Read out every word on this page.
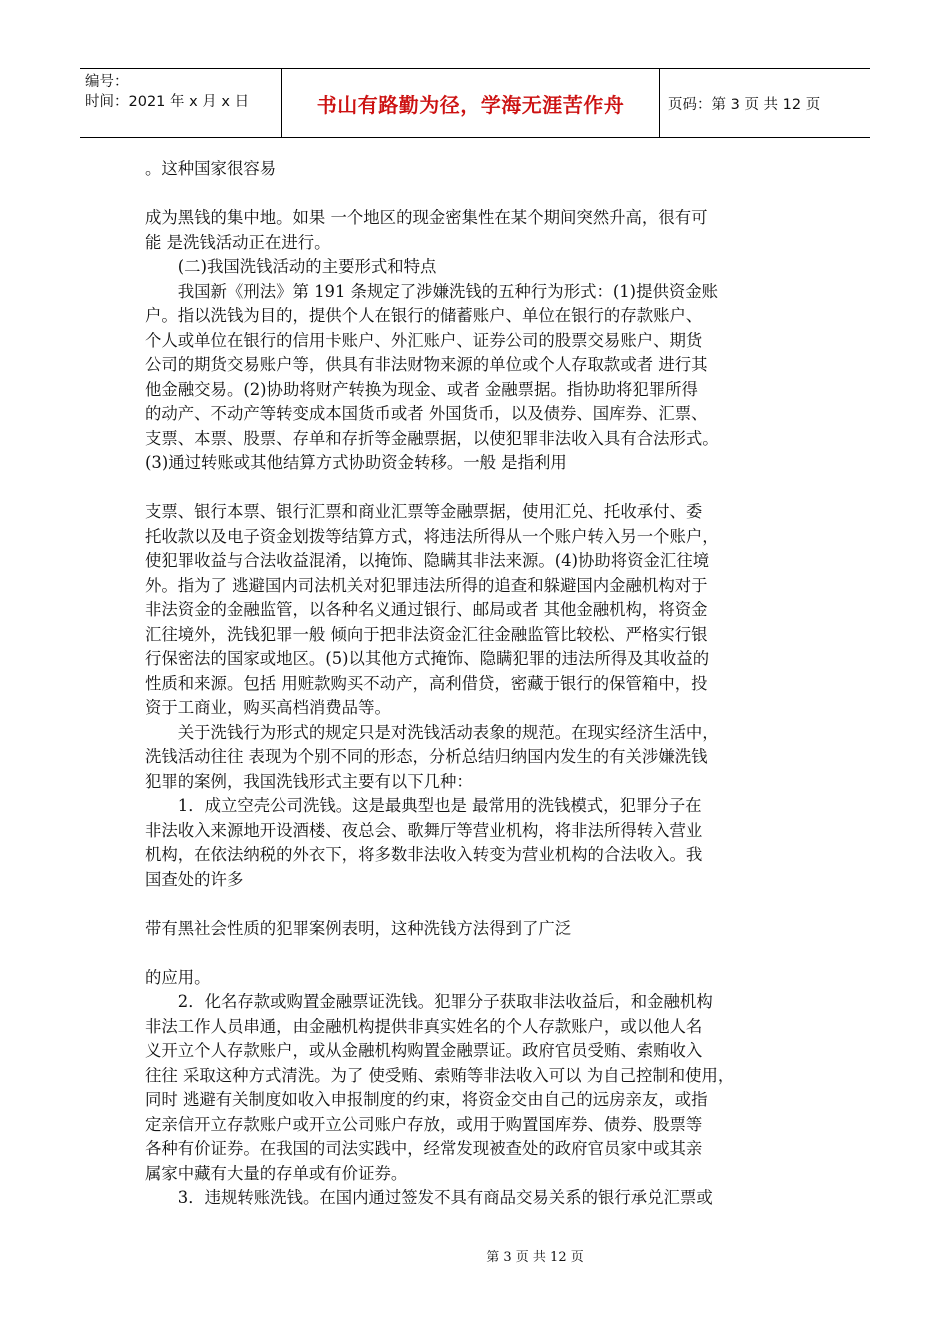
编号：
时间：2021 年 x 月 x 日	书山有路勤为径，学海无涯苦作舟	页码：第 3 页 共 12 页

。这种国家很容易

成为黑钱的集中地。如果 一个地区的现金密集性在某个期间突然升高，很有可

能 是洗钱活动正在进行。

　　(二)我国洗钱活动的主要形式和特点

　　我国新《刑法》第 191 条规定了涉嫌洗钱的五种行为形式：(1)提供资金账

户。指以洗钱为目的，提供个人在银行的储蓄账户、单位在银行的存款账户、

个人或单位在银行的信用卡账户、外汇账户、证券公司的股票交易账户、期货

公司的期货交易账户等，供具有非法财物来源的单位或个人存取款或者 进行其

他金融交易。(2)协助将财产转换为现金、或者 金融票据。指协助将犯罪所得

的动产、不动产等转变成本国货币或者 外国货币，以及债券、国库券、汇票、

支票、本票、股票、存单和存折等金融票据，以使犯罪非法收入具有合法形式。

(3)通过转账或其他结算方式协助资金转移。一般 是指利用

支票、银行本票、银行汇票和商业汇票等金融票据，使用汇兑、托收承付、委

托收款以及电子资金划拨等结算方式，将违法所得从一个账户转入另一个账户，

使犯罪收益与合法收益混淆，以掩饰、隐瞒其非法来源。(4)协助将资金汇往境

外。指为了 逃避国内司法机关对犯罪违法所得的追查和躲避国内金融机构对于

非法资金的金融监管，以各种名义通过银行、邮局或者 其他金融机构，将资金

汇往境外，洗钱犯罪一般 倾向于把非法资金汇往金融监管比较松、严格实行银

行保密法的国家或地区。(5)以其他方式掩饰、隐瞒犯罪的违法所得及其收益的

性质和来源。包括 用赃款购买不动产，高利借贷，密藏于银行的保管箱中，投

资于工商业，购买高档消费品等。

　　关于洗钱行为形式的规定只是对洗钱活动表象的规范。在现实经济生活中，

洗钱活动往往 表现为个别不同的形态，分析总结归纳国内发生的有关涉嫌洗钱

犯罪的案例，我国洗钱形式主要有以下几种：

　　1．成立空壳公司洗钱。这是最典型也是 最常用的洗钱模式，犯罪分子在

非法收入来源地开设酒楼、夜总会、歌舞厅等营业机构，将非法所得转入营业

机构，在依法纳税的外衣下，将多数非法收入转变为营业机构的合法收入。我

国查处的许多

带有黑社会性质的犯罪案例表明，这种洗钱方法得到了广泛

的应用。

　　2．化名存款或购置金融票证洗钱。犯罪分子获取非法收益后，和金融机构

非法工作人员串通，由金融机构提供非真实姓名的个人存款账户，或以他人名

义开立个人存款账户，或从金融机构购置金融票证。政府官员受贿、索贿收入

往往 采取这种方式清洗。为了 使受贿、索贿等非法收入可以 为自己控制和使用，

同时 逃避有关制度如收入申报制度的约束，将资金交由自己的远房亲友，或指

定亲信开立存款账户或开立公司账户存放，或用于购置国库券、债券、股票等

各种有价证券。在我国的司法实践中，经常发现被查处的政府官员家中或其亲

属家中藏有大量的存单或有价证券。

　　3．违规转账洗钱。在国内通过签发不具有商品交易关系的银行承兑汇票或

第 3 页 共 12 页
